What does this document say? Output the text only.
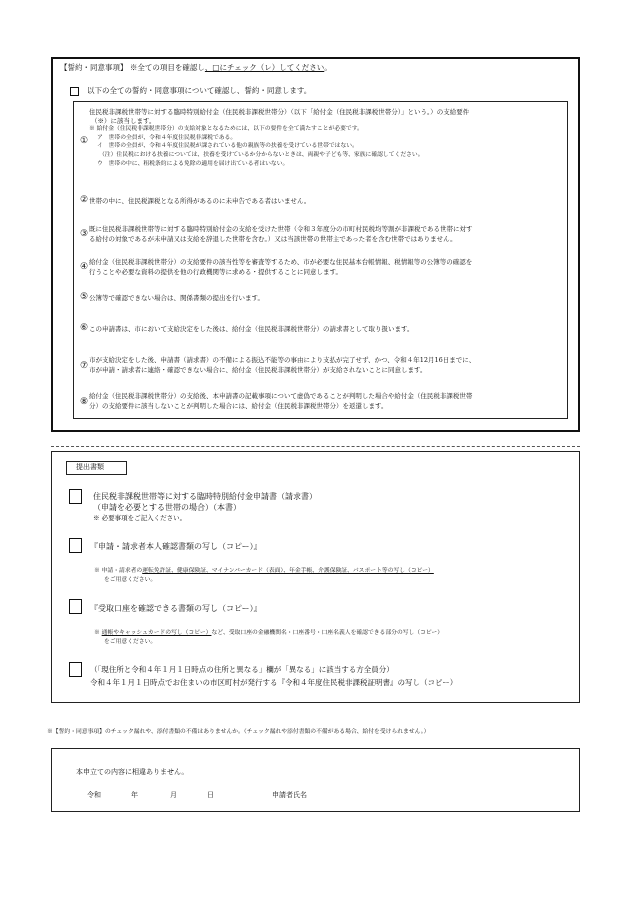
【誓約・同意事項】 ※全ての項目を確認し、□にチェック（レ）してください。
以下の全ての誓約・同意事項について確認し、誓約・同意します。
①
住民税非課税世帯等に対する臨時特別給付金（住民税非課税世帯分）（以下「給付金（住民税非課税世帯分）」という。）の支給要件
（※）に該当します。
※ 給付金（住民税非課税世帯分）の支給対象となるためには、以下の要件を全て満たすことが必要です。
ア　世帯の全員が、令和４年度住民税非課税である。
イ　世帯の全員が、令和４年度住民税が課されている他の親族等の扶養を受けている世帯ではない。
（注）住民税における扶養については、扶養を受けているか分からないときは、両親や子ども等、家族に確認してください。
ウ　世帯の中に、租税条約による免除の適用を届け出ている者はいない。
② 世帯の中に、住民税課税となる所得があるのに未申告である者はいません。
③ 既に住民税非課税世帯等に対する臨時特別給付金の支給を受けた世帯（令和３年度分の市町村民税均等割が非課税である世帯に対す
る給付の対象であるが未申請又は支給を辞退した世帯を含む。）又は当該世帯の世帯主であった者を含む世帯ではありません。
④ 給付金（住民税非課税世帯分）の支給要件の該当性等を審査等するため、市が必要な住民基本台帳情報、税情報等の公簿等の確認を
行うことや必要な資料の提供を他の行政機関等に求める・提供することに同意します。
⑤ 公簿等で確認できない場合は、関係書類の提出を行います。
⑥ この申請書は、市において支給決定をした後は、給付金（住民税非課税世帯分）の請求書として取り扱います。
⑦
市が支給決定をした後、申請書（請求書）の不備による振込不能等の事由により支払が完了せず、かつ、令和４年12月16日までに、
市が申請・請求者に連絡・確認できない場合に、給付金（住民税非課税世帯分）が支給されないことに同意します。
⑧
給付金（住民税非課税世帯分）の支給後、本申請書の記載事項について虚偽であることが判明した場合や給付金（住民税非課税世帯
分）の支給要件に該当しないことが判明した場合には、給付金（住民税非課税世帯分）を返還します。
提出書類
住民税非課税世帯等に対する臨時特別給付金申請書（請求書）
（申請を必要とする世帯の場合）（本書）
※ 必要事項をご記入ください。
『申請・請求者本人確認書類の写し（コピー）』
※ 申請・請求者の運転免許証、健康保険証、マイナンバーカード（表面）、年金手帳、介護保険証、パスポート等の写し（コピー）
をご用意ください。
『受取口座を確認できる書類の写し（コピー）』
※ 通帳やキャッシュカードの写し（コピー）など、受取口座の金融機関名・口座番号・口座名義人を確認できる部分の写し（コピー）
をご用意ください。
（「現住所と令和４年１月１日時点の住所と異なる」欄が「異なる」に該当する方全員分）
令和４年１月１日時点でお住まいの市区町村が発行する『令和４年度住民税非課税証明書』の写し（コピー）
※【誓約・同意事項】のチェック漏れや、添付書類の不備はありませんか。（チェック漏れや添付書類の不備がある場合、給付を受けられません。）
本申立ての内容に相違ありません。
令和	年	月	日	申請者氏名
